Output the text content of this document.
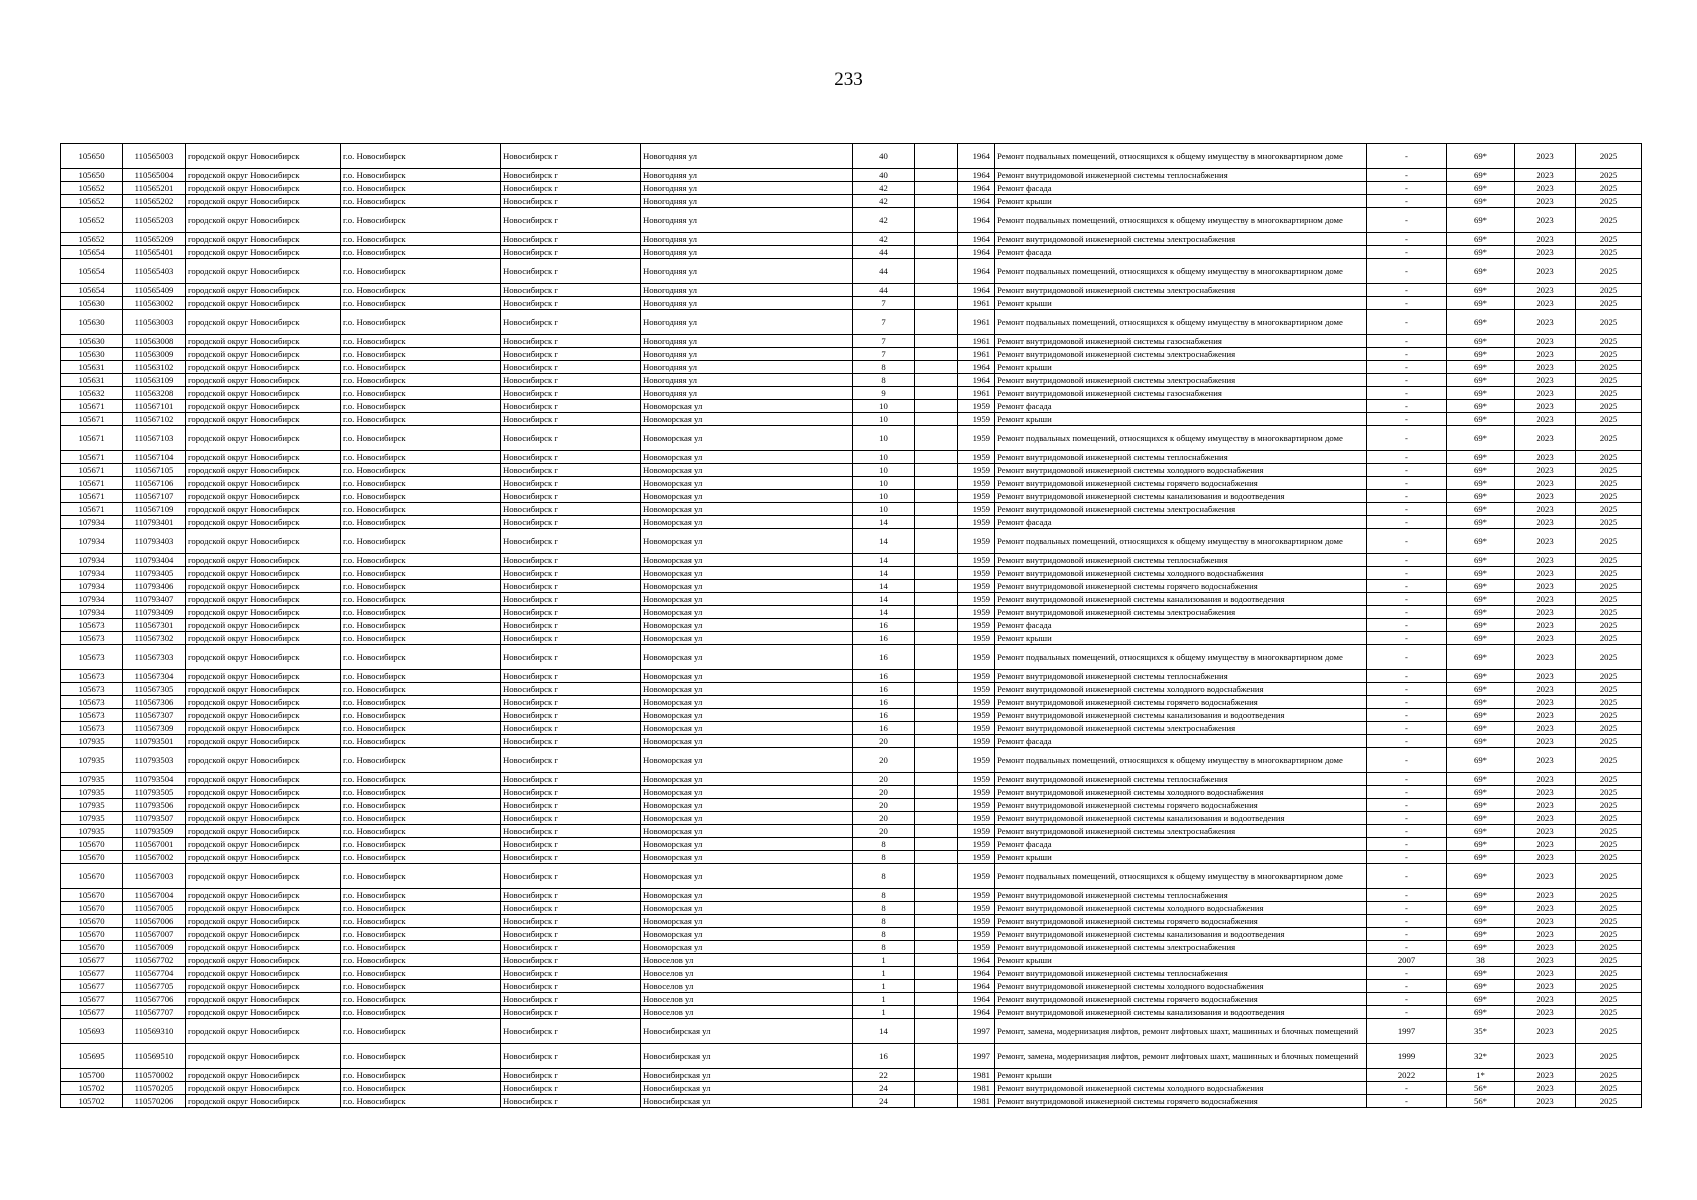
233
105650	110565003	городской округ Новосибирск	г.о. Новосибирск	Новосибирск г	Новогодняя ул	40		1964	Ремонт подвальных помещений, относящихся к общему имуществу в многоквартирном доме	-	69*	2023	2025
105650	110565004	городской округ Новосибирск	г.о. Новосибирск	Новосибирск г	Новогодняя ул	40		1964	Ремонт внутридомовой инженерной системы теплоснабжения	-	69*	2023	2025
105652	110565201	городской округ Новосибирск	г.о. Новосибирск	Новосибирск г	Новогодняя ул	42		1964	Ремонт фасада	-	69*	2023	2025
105652	110565202	городской округ Новосибирск	г.о. Новосибирск	Новосибирск г	Новогодняя ул	42		1964	Ремонт крыши	-	69*	2023	2025
105652	110565203	городской округ Новосибирск	г.о. Новосибирск	Новосибирск г	Новогодняя ул	42		1964	Ремонт подвальных помещений, относящихся к общему имуществу в многоквартирном доме	-	69*	2023	2025
105652	110565209	городской округ Новосибирск	г.о. Новосибирск	Новосибирск г	Новогодняя ул	42		1964	Ремонт внутридомовой инженерной системы электроснабжения	-	69*	2023	2025
105654	110565401	городской округ Новосибирск	г.о. Новосибирск	Новосибирск г	Новогодняя ул	44		1964	Ремонт фасада	-	69*	2023	2025
105654	110565403	городской округ Новосибирск	г.о. Новосибирск	Новосибирск г	Новогодняя ул	44		1964	Ремонт подвальных помещений, относящихся к общему имуществу в многоквартирном доме	-	69*	2023	2025
105654	110565409	городской округ Новосибирск	г.о. Новосибирск	Новосибирск г	Новогодняя ул	44		1964	Ремонт внутридомовой инженерной системы электроснабжения	-	69*	2023	2025
105630	110563002	городской округ Новосибирск	г.о. Новосибирск	Новосибирск г	Новогодняя ул	7		1961	Ремонт крыши	-	69*	2023	2025
105630	110563003	городской округ Новосибирск	г.о. Новосибирск	Новосибирск г	Новогодняя ул	7		1961	Ремонт подвальных помещений, относящихся к общему имуществу в многоквартирном доме	-	69*	2023	2025
105630	110563008	городской округ Новосибирск	г.о. Новосибирск	Новосибирск г	Новогодняя ул	7		1961	Ремонт внутридомовой инженерной системы газоснабжения	-	69*	2023	2025
105630	110563009	городской округ Новосибирск	г.о. Новосибирск	Новосибирск г	Новогодняя ул	7		1961	Ремонт внутридомовой инженерной системы электроснабжения	-	69*	2023	2025
105631	110563102	городской округ Новосибирск	г.о. Новосибирск	Новосибирск г	Новогодняя ул	8		1964	Ремонт крыши	-	69*	2023	2025
105631	110563109	городской округ Новосибирск	г.о. Новосибирск	Новосибирск г	Новогодняя ул	8		1964	Ремонт внутридомовой инженерной системы электроснабжения	-	69*	2023	2025
105632	110563208	городской округ Новосибирск	г.о. Новосибирск	Новосибирск г	Новогодняя ул	9		1961	Ремонт внутридомовой инженерной системы газоснабжения	-	69*	2023	2025
105671	110567101	городской округ Новосибирск	г.о. Новосибирск	Новосибирск г	Новоморская ул	10		1959	Ремонт фасада	-	69*	2023	2025
105671	110567102	городской округ Новосибирск	г.о. Новосибирск	Новосибирск г	Новоморская ул	10		1959	Ремонт крыши	-	69*	2023	2025
105671	110567103	городской округ Новосибирск	г.о. Новосибирск	Новосибирск г	Новоморская ул	10		1959	Ремонт подвальных помещений, относящихся к общему имуществу в многоквартирном доме	-	69*	2023	2025
105671	110567104	городской округ Новосибирск	г.о. Новосибирск	Новосибирск г	Новоморская ул	10		1959	Ремонт внутридомовой инженерной системы теплоснабжения	-	69*	2023	2025
105671	110567105	городской округ Новосибирск	г.о. Новосибирск	Новосибирск г	Новоморская ул	10		1959	Ремонт внутридомовой инженерной системы холодного водоснабжения	-	69*	2023	2025
105671	110567106	городской округ Новосибирск	г.о. Новосибирск	Новосибирск г	Новоморская ул	10		1959	Ремонт внутридомовой инженерной системы горячего водоснабжения	-	69*	2023	2025
105671	110567107	городской округ Новосибирск	г.о. Новосибирск	Новосибирск г	Новоморская ул	10		1959	Ремонт внутридомовой инженерной системы канализования и водоотведения	-	69*	2023	2025
105671	110567109	городской округ Новосибирск	г.о. Новосибирск	Новосибирск г	Новоморская ул	10		1959	Ремонт внутридомовой инженерной системы электроснабжения	-	69*	2023	2025
107934	110793401	городской округ Новосибирск	г.о. Новосибирск	Новосибирск г	Новоморская ул	14		1959	Ремонт фасада	-	69*	2023	2025
107934	110793403	городской округ Новосибирск	г.о. Новосибирск	Новосибирск г	Новоморская ул	14		1959	Ремонт подвальных помещений, относящихся к общему имуществу в многоквартирном доме	-	69*	2023	2025
107934	110793404	городской округ Новосибирск	г.о. Новосибирск	Новосибирск г	Новоморская ул	14		1959	Ремонт внутридомовой инженерной системы теплоснабжения	-	69*	2023	2025
107934	110793405	городской округ Новосибирск	г.о. Новосибирск	Новосибирск г	Новоморская ул	14		1959	Ремонт внутридомовой инженерной системы холодного водоснабжения	-	69*	2023	2025
107934	110793406	городской округ Новосибирск	г.о. Новосибирск	Новосибирск г	Новоморская ул	14		1959	Ремонт внутридомовой инженерной системы горячего водоснабжения	-	69*	2023	2025
107934	110793407	городской округ Новосибирск	г.о. Новосибирск	Новосибирск г	Новоморская ул	14		1959	Ремонт внутридомовой инженерной системы канализования и водоотведения	-	69*	2023	2025
107934	110793409	городской округ Новосибирск	г.о. Новосибирск	Новосибирск г	Новоморская ул	14		1959	Ремонт внутридомовой инженерной системы электроснабжения	-	69*	2023	2025
105673	110567301	городской округ Новосибирск	г.о. Новосибирск	Новосибирск г	Новоморская ул	16		1959	Ремонт фасада	-	69*	2023	2025
105673	110567302	городской округ Новосибирск	г.о. Новосибирск	Новосибирск г	Новоморская ул	16		1959	Ремонт крыши	-	69*	2023	2025
105673	110567303	городской округ Новосибирск	г.о. Новосибирск	Новосибирск г	Новоморская ул	16		1959	Ремонт подвальных помещений, относящихся к общему имуществу в многоквартирном доме	-	69*	2023	2025
105673	110567304	городской округ Новосибирск	г.о. Новосибирск	Новосибирск г	Новоморская ул	16		1959	Ремонт внутридомовой инженерной системы теплоснабжения	-	69*	2023	2025
105673	110567305	городской округ Новосибирск	г.о. Новосибирск	Новосибирск г	Новоморская ул	16		1959	Ремонт внутридомовой инженерной системы холодного водоснабжения	-	69*	2023	2025
105673	110567306	городской округ Новосибирск	г.о. Новосибирск	Новосибирск г	Новоморская ул	16		1959	Ремонт внутридомовой инженерной системы горячего водоснабжения	-	69*	2023	2025
105673	110567307	городской округ Новосибирск	г.о. Новосибирск	Новосибирск г	Новоморская ул	16		1959	Ремонт внутридомовой инженерной системы канализования и водоотведения	-	69*	2023	2025
105673	110567309	городской округ Новосибирск	г.о. Новосибирск	Новосибирск г	Новоморская ул	16		1959	Ремонт внутридомовой инженерной системы электроснабжения	-	69*	2023	2025
107935	110793501	городской округ Новосибирск	г.о. Новосибирск	Новосибирск г	Новоморская ул	20		1959	Ремонт фасада	-	69*	2023	2025
107935	110793503	городской округ Новосибирск	г.о. Новосибирск	Новосибирск г	Новоморская ул	20		1959	Ремонт подвальных помещений, относящихся к общему имуществу в многоквартирном доме	-	69*	2023	2025
107935	110793504	городской округ Новосибирск	г.о. Новосибирск	Новосибирск г	Новоморская ул	20		1959	Ремонт внутридомовой инженерной системы теплоснабжения	-	69*	2023	2025
107935	110793505	городской округ Новосибирск	г.о. Новосибирск	Новосибирск г	Новоморская ул	20		1959	Ремонт внутридомовой инженерной системы холодного водоснабжения	-	69*	2023	2025
107935	110793506	городской округ Новосибирск	г.о. Новосибирск	Новосибирск г	Новоморская ул	20		1959	Ремонт внутридомовой инженерной системы горячего водоснабжения	-	69*	2023	2025
107935	110793507	городской округ Новосибирск	г.о. Новосибирск	Новосибирск г	Новоморская ул	20		1959	Ремонт внутридомовой инженерной системы канализования и водоотведения	-	69*	2023	2025
107935	110793509	городской округ Новосибирск	г.о. Новосибирск	Новосибирск г	Новоморская ул	20		1959	Ремонт внутридомовой инженерной системы электроснабжения	-	69*	2023	2025
105670	110567001	городской округ Новосибирск	г.о. Новосибирск	Новосибирск г	Новоморская ул	8		1959	Ремонт фасада	-	69*	2023	2025
105670	110567002	городской округ Новосибирск	г.о. Новосибирск	Новосибирск г	Новоморская ул	8		1959	Ремонт крыши	-	69*	2023	2025
105670	110567003	городской округ Новосибирск	г.о. Новосибирск	Новосибирск г	Новоморская ул	8		1959	Ремонт подвальных помещений, относящихся к общему имуществу в многоквартирном доме	-	69*	2023	2025
105670	110567004	городской округ Новосибирск	г.о. Новосибирск	Новосибирск г	Новоморская ул	8		1959	Ремонт внутридомовой инженерной системы теплоснабжения	-	69*	2023	2025
105670	110567005	городской округ Новосибирск	г.о. Новосибирск	Новосибирск г	Новоморская ул	8		1959	Ремонт внутридомовой инженерной системы холодного водоснабжения	-	69*	2023	2025
105670	110567006	городской округ Новосибирск	г.о. Новосибирск	Новосибирск г	Новоморская ул	8		1959	Ремонт внутридомовой инженерной системы горячего водоснабжения	-	69*	2023	2025
105670	110567007	городской округ Новосибирск	г.о. Новосибирск	Новосибирск г	Новоморская ул	8		1959	Ремонт внутридомовой инженерной системы канализования и водоотведения	-	69*	2023	2025
105670	110567009	городской округ Новосибирск	г.о. Новосибирск	Новосибирск г	Новоморская ул	8		1959	Ремонт внутридомовой инженерной системы электроснабжения	-	69*	2023	2025
105677	110567702	городской округ Новосибирск	г.о. Новосибирск	Новосибирск г	Новоселов ул	1		1964	Ремонт крыши	2007	38	2023	2025
105677	110567704	городской округ Новосибирск	г.о. Новосибирск	Новосибирск г	Новоселов ул	1		1964	Ремонт внутридомовой инженерной системы теплоснабжения	-	69*	2023	2025
105677	110567705	городской округ Новосибирск	г.о. Новосибирск	Новосибирск г	Новоселов ул	1		1964	Ремонт внутридомовой инженерной системы холодного водоснабжения	-	69*	2023	2025
105677	110567706	городской округ Новосибирск	г.о. Новосибирск	Новосибирск г	Новоселов ул	1		1964	Ремонт внутридомовой инженерной системы горячего водоснабжения	-	69*	2023	2025
105677	110567707	городской округ Новосибирск	г.о. Новосибирск	Новосибирск г	Новоселов ул	1		1964	Ремонт внутридомовой инженерной системы канализования и водоотведения	-	69*	2023	2025
105693	110569310	городской округ Новосибирск	г.о. Новосибирск	Новосибирск г	Новосибирская ул	14		1997	Ремонт, замена, модернизация лифтов, ремонт лифтовых шахт, машинных и блочных помещений	1997	35*	2023	2025
105695	110569510	городской округ Новосибирск	г.о. Новосибирск	Новосибирск г	Новосибирская ул	16		1997	Ремонт, замена, модернизация лифтов, ремонт лифтовых шахт, машинных и блочных помещений	1999	32*	2023	2025
105700	110570002	городской округ Новосибирск	г.о. Новосибирск	Новосибирск г	Новосибирская ул	22		1981	Ремонт крыши	2022	1*	2023	2025
105702	110570205	городской округ Новосибирск	г.о. Новосибирск	Новосибирск г	Новосибирская ул	24		1981	Ремонт внутридомовой инженерной системы холодного водоснабжения	-	56*	2023	2025
105702	110570206	городской округ Новосибирск	г.о. Новосибирск	Новосибирск г	Новосибирская ул	24		1981	Ремонт внутридомовой инженерной системы горячего водоснабжения	-	56*	2023	2025
